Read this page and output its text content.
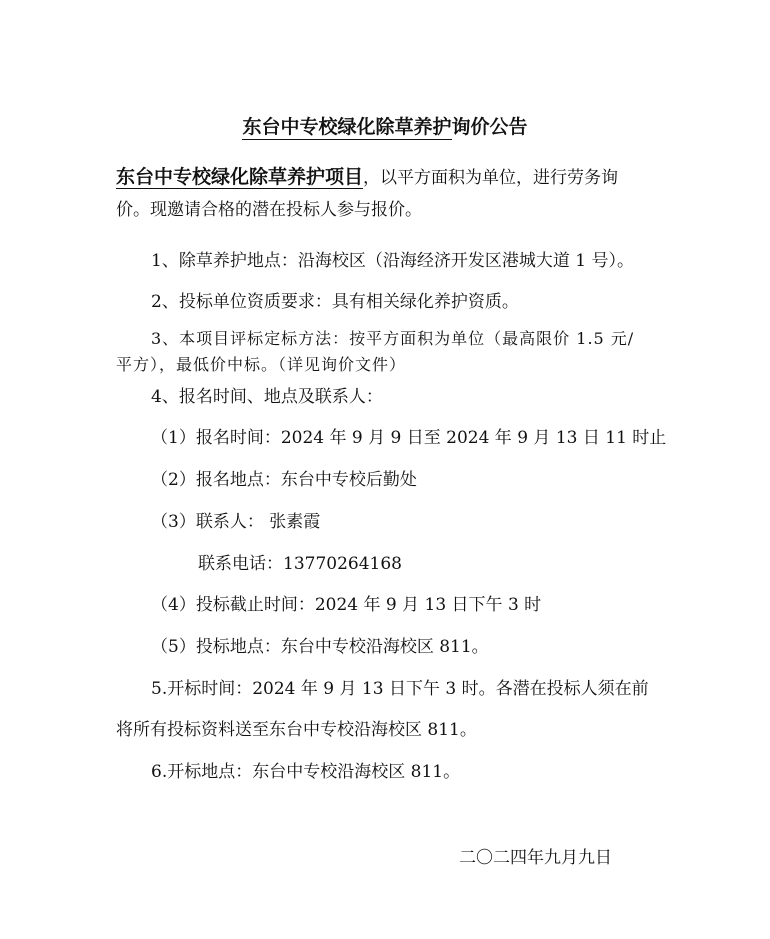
东台中专校绿化除草养护询价公告
东台中专校绿化除草养护项目，以平方面积为单位，进行劳务询
价。现邀请合格的潜在投标人参与报价。
1、除草养护地点：沿海校区（沿海经济开发区港城大道 1 号）。
2、投标单位资质要求：具有相关绿化养护资质。
3、本项目评标定标方法：按平方面积为单位（最高限价 1.5 元/
平方），最低价中标。（详见询价文件）
4、报名时间、地点及联系人：
（1）报名时间：2024 年 9 月 9 日至 2024 年 9 月 13 日 11 时止
（2）报名地点：东台中专校后勤处
（3）联系人： 张素霞
联系电话：13770264168
（4）投标截止时间：2024 年 9 月 13 日下午 3 时
（5）投标地点：东台中专校沿海校区 811。
5.开标时间：2024 年 9 月 13 日下午 3 时。各潜在投标人须在前
将所有投标资料送至东台中专校沿海校区 811。
6.开标地点：东台中专校沿海校区 811。
二〇二四年九月九日
